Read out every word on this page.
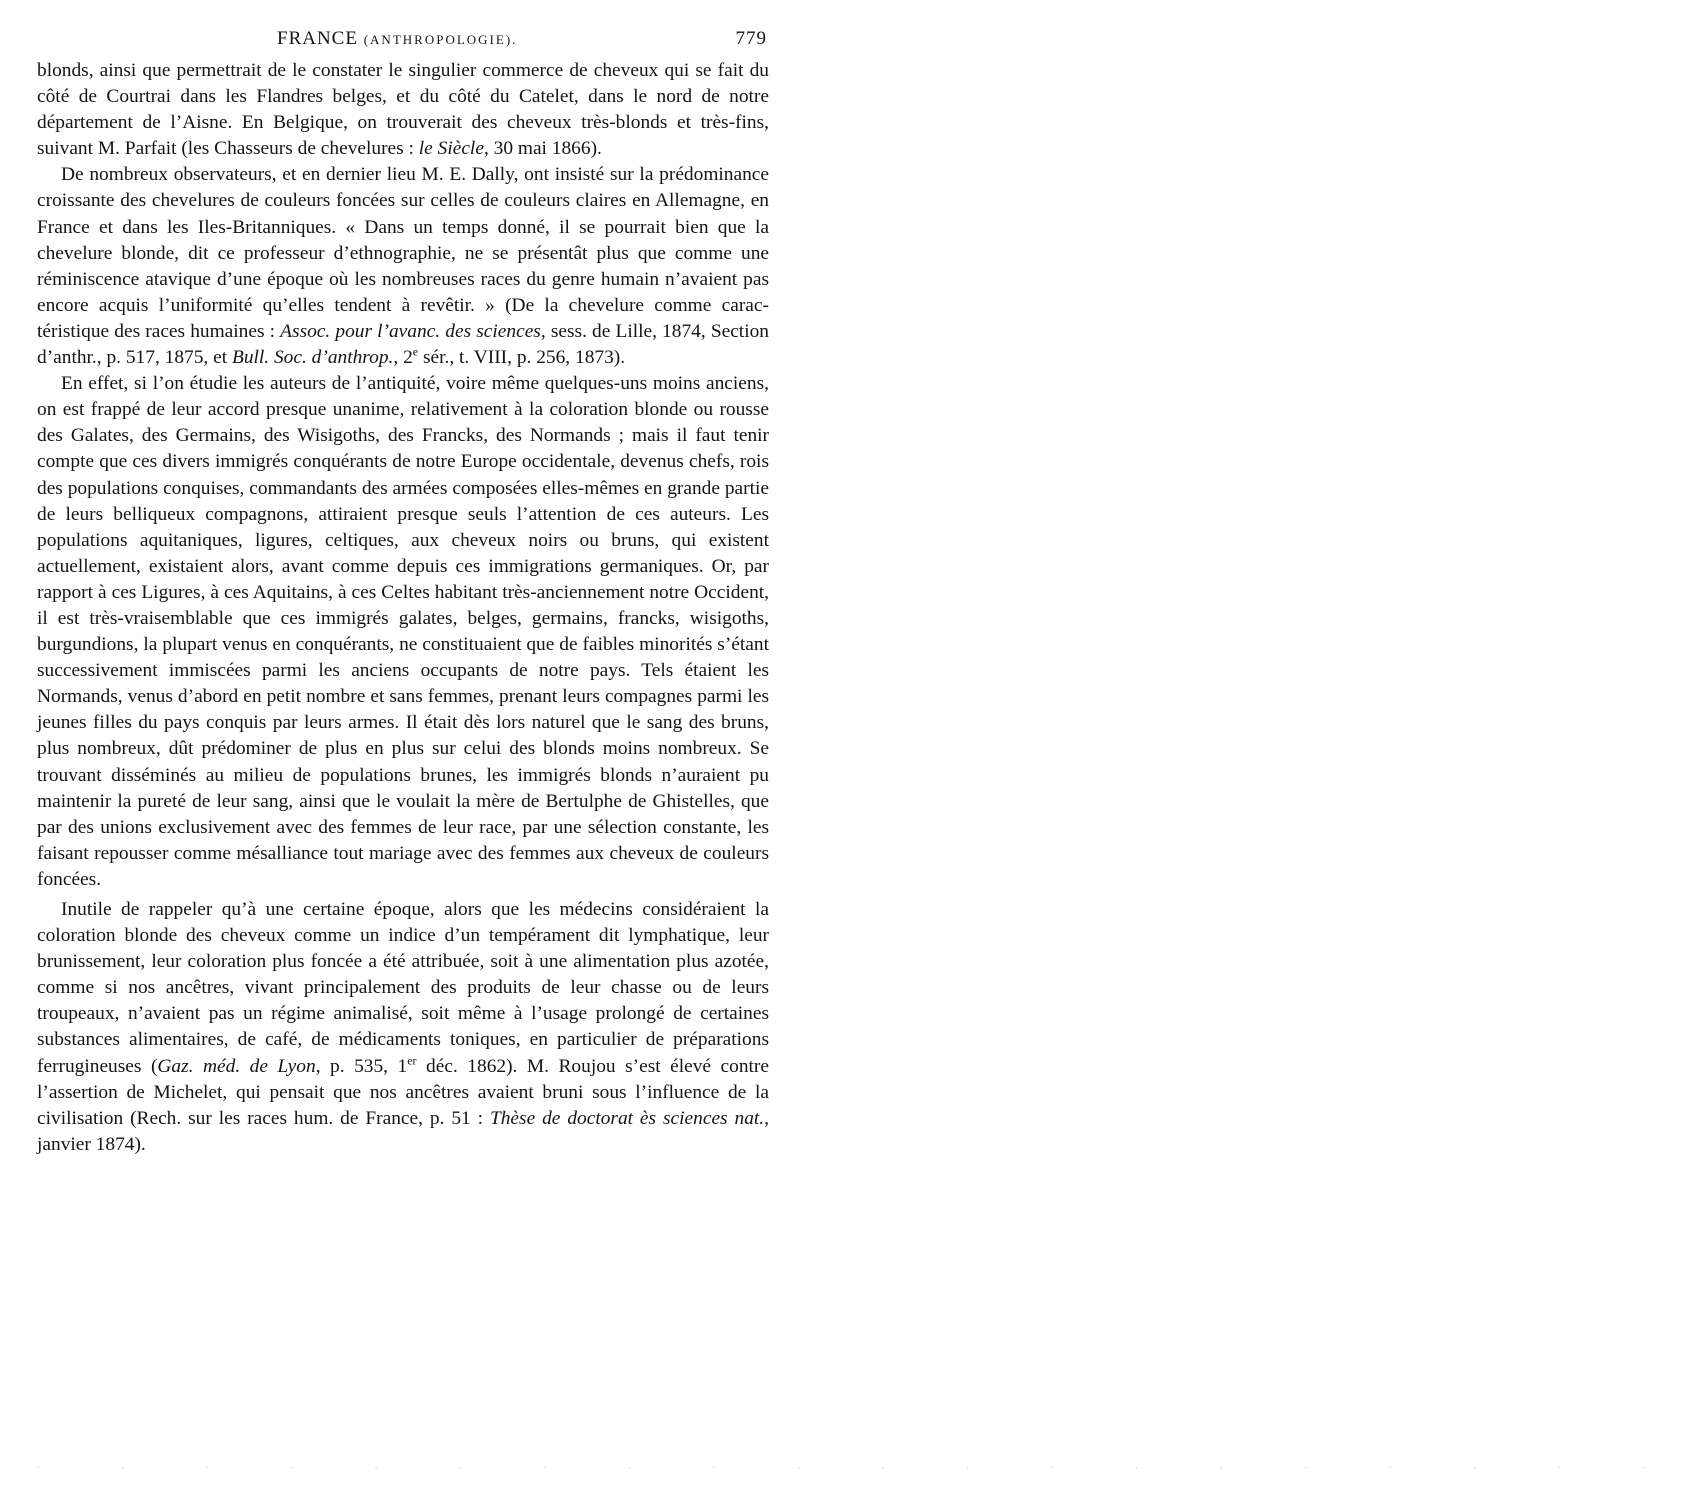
FRANCE (ANTHROPOLOGIE).	779

blonds, ainsi que permettrait de le constater le singulier commerce de cheveux qui se fait du côté de Courtrai dans les Flandres belges, et du côté du Catelet, dans le nord de notre département de l’Aisne. En Belgique, on trouverait des cheveux très-blonds et très-fins, suivant M. Parfait (les Chasseurs de chevelures : le Siècle, 30 mai 1866).

De nombreux observateurs, et en dernier lieu M. E. Dally, ont insisté sur la prédominance croissante des chevelures de couleurs foncées sur celles de couleurs claires en Allemagne, en France et dans les Iles-Britanniques. « Dans un temps donné, il se pourrait bien que la chevelure blonde, dit ce professeur d’ethnographie, ne se présentât plus que comme une réminiscence atavique d’une époque où les nombreuses races du genre humain n’avaient pas encore acquis l’uniformité qu’elles tendent à revêtir. » (De la chevelure comme caractéristique des races humaines : Assoc. pour l’avanc. des sciences, sess. de Lille, 1874, Section d’anthr., p. 517, 1875, et Bull. Soc. d’anthrop., 2e sér., t. VIII, p. 256, 1873).

En effet, si l’on étudie les auteurs de l’antiquité, voire même quelques-uns moins anciens, on est frappé de leur accord presque unanime, relativement à la coloration blonde ou rousse des Galates, des Germains, des Wisigoths, des Francks, des Normands ; mais il faut tenir compte que ces divers immigrés conquérants de notre Europe occidentale, devenus chefs, rois des populations conquises, commandants des armées composées elles-mêmes en grande partie de leurs belliqueux compagnons, attiraient presque seuls l’attention de ces auteurs. Les populations aquitaniques, ligures, celtiques, aux cheveux noirs ou bruns, qui existent actuellement, existaient alors, avant comme depuis ces immigrations germaniques. Or, par rapport à ces Ligures, à ces Aquitains, à ces Celtes habitant très-anciennement notre Occident, il est très-vraisemblable que ces immigrés galates, belges, germains, francks, wisigoths, burgundions, la plupart venus en conquérants, ne constituaient que de faibles minorités s’étant successivement immiscées parmi les anciens occupants de notre pays. Tels étaient les Normands, venus d’abord en petit nombre et sans femmes, prenant leurs compagnes parmi les jeunes filles du pays conquis par leurs armes. Il était dès lors naturel que le sang des bruns, plus nombreux, dût prédominer de plus en plus sur celui des blonds moins nombreux. Se trouvant disséminés au milieu de populations brunes, les immigrés blonds n’auraient pu maintenir la pureté de leur sang, ainsi que le voulait la mère de Bertulphe de Ghistelles, que par des unions exclusivement avec des femmes de leur race, par une sélection constante, les faisant repousser comme mésalliance tout mariage avec des femmes aux cheveux de couleurs foncées.

Inutile de rappeler qu’à une certaine époque, alors que les médecins considéraient la coloration blonde des cheveux comme un indice d’un tempérament dit lymphatique, leur brunissement, leur coloration plus foncée a été attribuée, soit à une alimentation plus azotée, comme si nos ancêtres, vivant principalement des produits de leur chasse ou de leurs troupeaux, n’avaient pas un régime animalisé, soit même à l’usage prolongé de certaines substances alimentaires, de café, de médicaments toniques, en particulier de préparations ferrugineuses (Gaz. méd. de Lyon, p. 535, 1er déc. 1862). M. Roujou s’est élevé contre l’assertion de Michelet, qui pensait que nos ancêtres avaient bruni sous l’influence de la civilisation (Rech. sur les races hum. de France, p. 51 : Thèse de doctorat ès sciences nat., janvier 1874).

. . . . . . . . . . . . . . . . . . . .
